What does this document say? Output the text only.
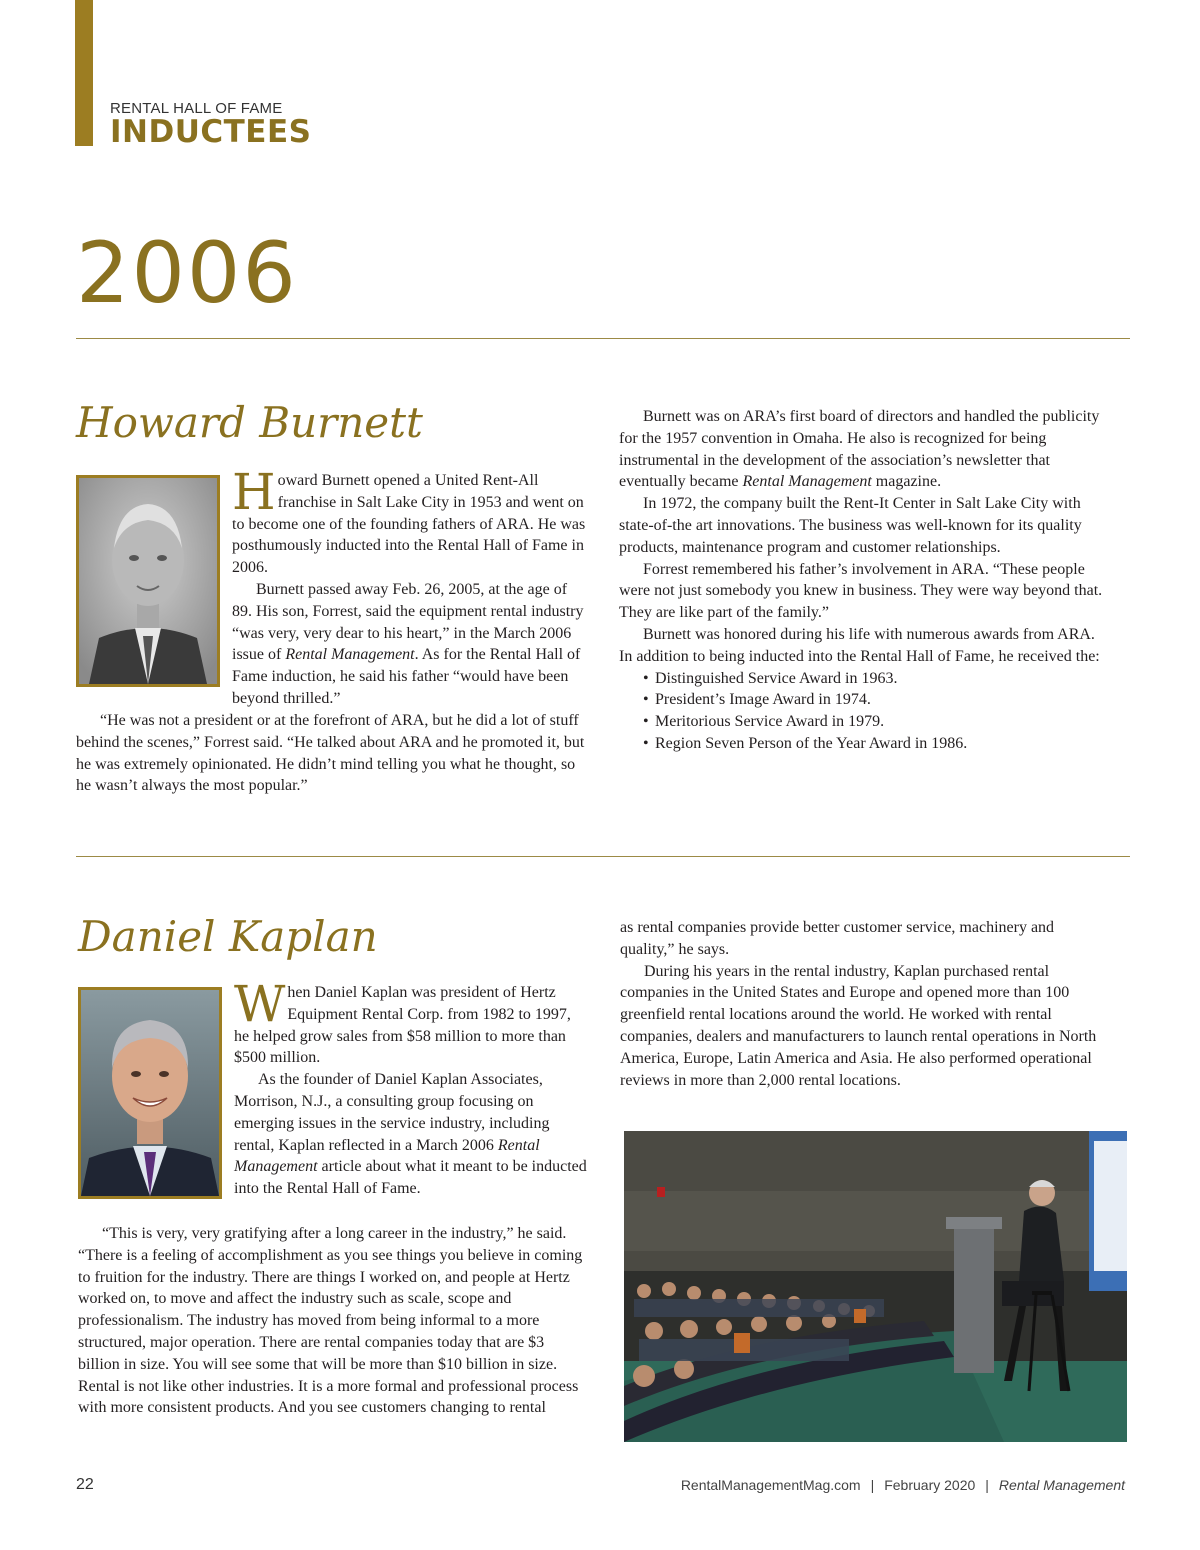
RENTAL HALL OF FAME
INDUCTEES
2006
Howard Burnett

Howard Burnett opened a United Rent-All franchise in Salt Lake City in 1953 and went on to become one of the founding fathers of ARA. He was posthumously inducted into the Rental Hall of Fame in 2006.

Burnett passed away Feb. 26, 2005, at the age of 89. His son, Forrest, said the equipment rental industry “was very, very dear to his heart,” in the March 2006 issue of Rental Management. As for the Rental Hall of Fame induction, he said his father “would have been beyond thrilled.”

“He was not a president or at the forefront of ARA, but he did a lot of stuff behind the scenes,” Forrest said. “He talked about ARA and he promoted it, but he was extremely opinionated. He didn’t mind telling you what he thought, so he wasn’t always the most popular.”

Burnett was on ARA’s first board of directors and handled the publicity for the 1957 convention in Omaha. He also is recognized for being instrumental in the development of the association’s newsletter that eventually became Rental Management magazine.

In 1972, the company built the Rent-It Center in Salt Lake City with state-of-the art innovations. The business was well-known for its quality products, maintenance program and customer relationships.

Forrest remembered his father’s involvement in ARA. “These people were not just somebody you knew in business. They were way beyond that. They are like part of the family.”

Burnett was honored during his life with numerous awards from ARA. In addition to being inducted into the Rental Hall of Fame, he received the:

• Distinguished Service Award in 1963.
• President’s Image Award in 1974.
• Meritorious Service Award in 1979.
• Region Seven Person of the Year Award in 1986.
Daniel Kaplan

When Daniel Kaplan was president of Hertz Equipment Rental Corp. from 1982 to 1997, he helped grow sales from $58 million to more than $500 million.

As the founder of Daniel Kaplan Associates, Morrison, N.J., a consulting group focusing on emerging issues in the service industry, including rental, Kaplan reflected in a March 2006 Rental Management article about what it meant to be inducted into the Rental Hall of Fame.

“This is very, very gratifying after a long career in the industry,” he said. “There is a feeling of accomplishment as you see things you believe in coming to fruition for the industry. There are things I worked on, and people at Hertz worked on, to move and affect the industry such as scale, scope and professionalism. The industry has moved from being informal to a more structured, major operation. There are rental companies today that are $3 billion in size. You will see some that will be more than $10 billion in size. Rental is not like other industries. It is a more formal and professional process with more consistent products. And you see customers changing to rental

as rental companies provide better customer service, machinery and quality,” he says.

During his years in the rental industry, Kaplan purchased rental companies in the United States and Europe and opened more than 100 greenfield rental locations around the world. He worked with rental companies, dealers and manufacturers to launch rental operations in North America, Europe, Latin America and Asia. He also performed operational reviews in more than 2,000 rental locations.

22	RentalManagementMag.com | February 2020 | Rental Management
